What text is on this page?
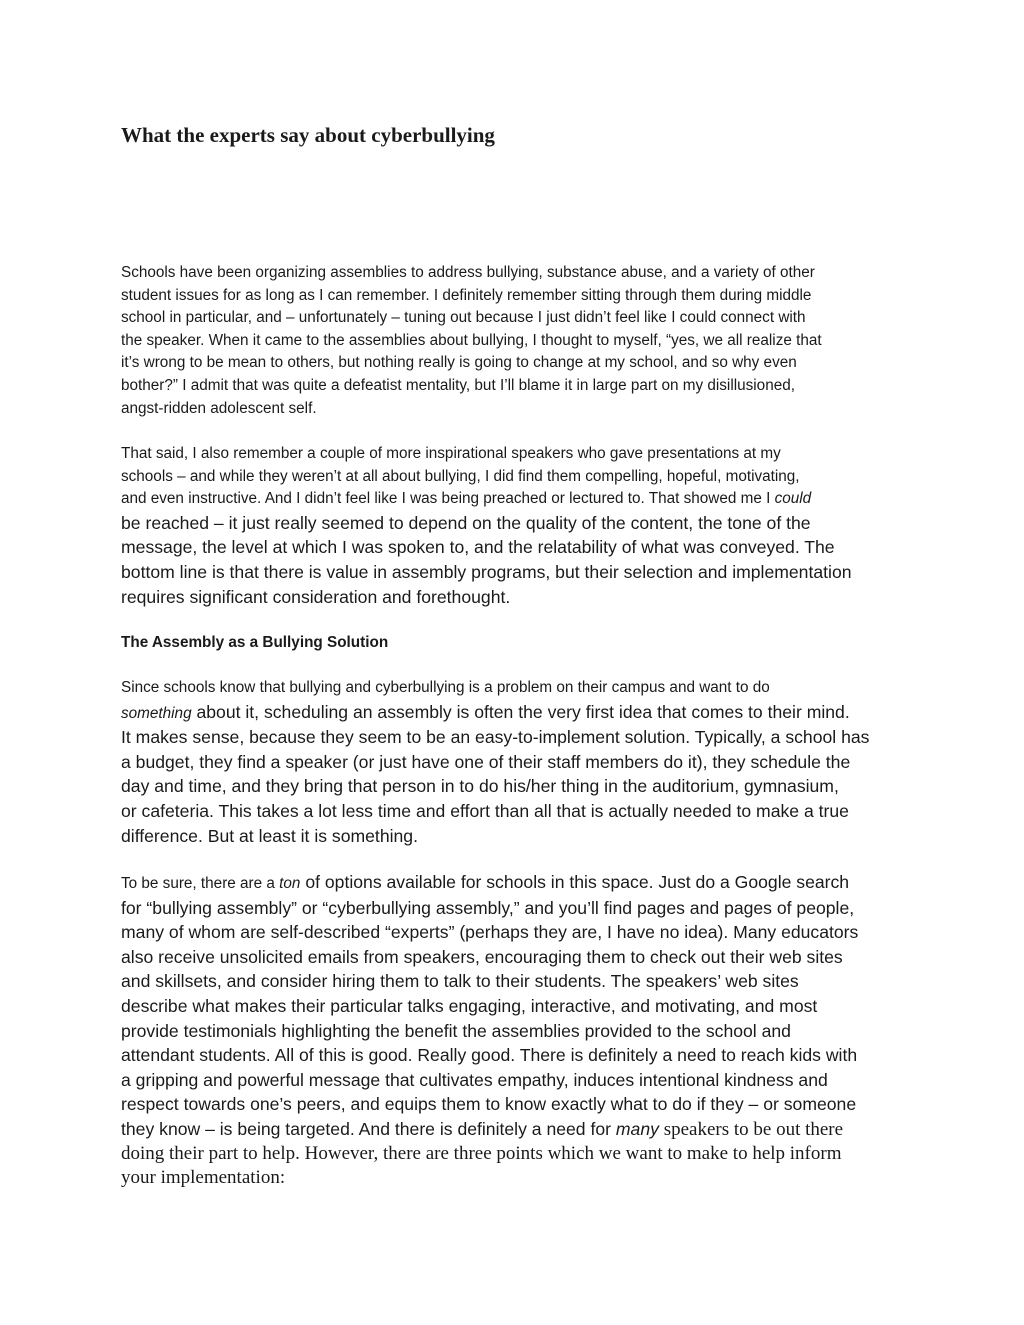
What the experts say about cyberbullying
Schools have been organizing assemblies to address bullying, substance abuse, and a variety of other
student issues for as long as I can remember. I definitely remember sitting through them during middle
school in particular, and – unfortunately – tuning out because I just didn’t feel like I could connect with
the speaker. When it came to the assemblies about bullying, I thought to myself, “yes, we all realize that
it’s wrong to be mean to others, but nothing really is going to change at my school, and so why even
bother?” I admit that was quite a defeatist mentality, but I’ll blame it in large part on my disillusioned,
angst-ridden adolescent self.
That said, I also remember a couple of more inspirational speakers who gave presentations at my
schools – and while they weren’t at all about bullying, I did find them compelling, hopeful, motivating,
and even instructive. And I didn’t feel like I was being preached or lectured to. That showed me I could
be reached – it just really seemed to depend on the quality of the content, the tone of the
message, the level at which I was spoken to, and the relatability of what was conveyed. The
bottom line is that there is value in assembly programs, but their selection and implementation
requires significant consideration and forethought.
The Assembly as a Bullying Solution
Since schools know that bullying and cyberbullying is a problem on their campus and want to do
something about it, scheduling an assembly is often the very first idea that comes to their mind.
It makes sense, because they seem to be an easy-to-implement solution. Typically, a school has
a budget, they find a speaker (or just have one of their staff members do it), they schedule the
day and time, and they bring that person in to do his/her thing in the auditorium, gymnasium,
or cafeteria. This takes a lot less time and effort than all that is actually needed to make a true
difference. But at least it is something.
To be sure, there are a ton of options available for schools in this space. Just do a Google search
for “bullying assembly” or “cyberbullying assembly,” and you’ll find pages and pages of people,
many of whom are self-described “experts” (perhaps they are, I have no idea). Many educators
also receive unsolicited emails from speakers, encouraging them to check out their web sites
and skillsets, and consider hiring them to talk to their students. The speakers’ web sites
describe what makes their particular talks engaging, interactive, and motivating, and most
provide testimonials highlighting the benefit the assemblies provided to the school and
attendant students. All of this is good. Really good. There is definitely a need to reach kids with
a gripping and powerful message that cultivates empathy, induces intentional kindness and
respect towards one’s peers, and equips them to know exactly what to do if they – or someone
they know – is being targeted. And there is definitely a need for many speakers to be out there
doing their part to help. However, there are three points which we want to make to help inform
your implementation:
